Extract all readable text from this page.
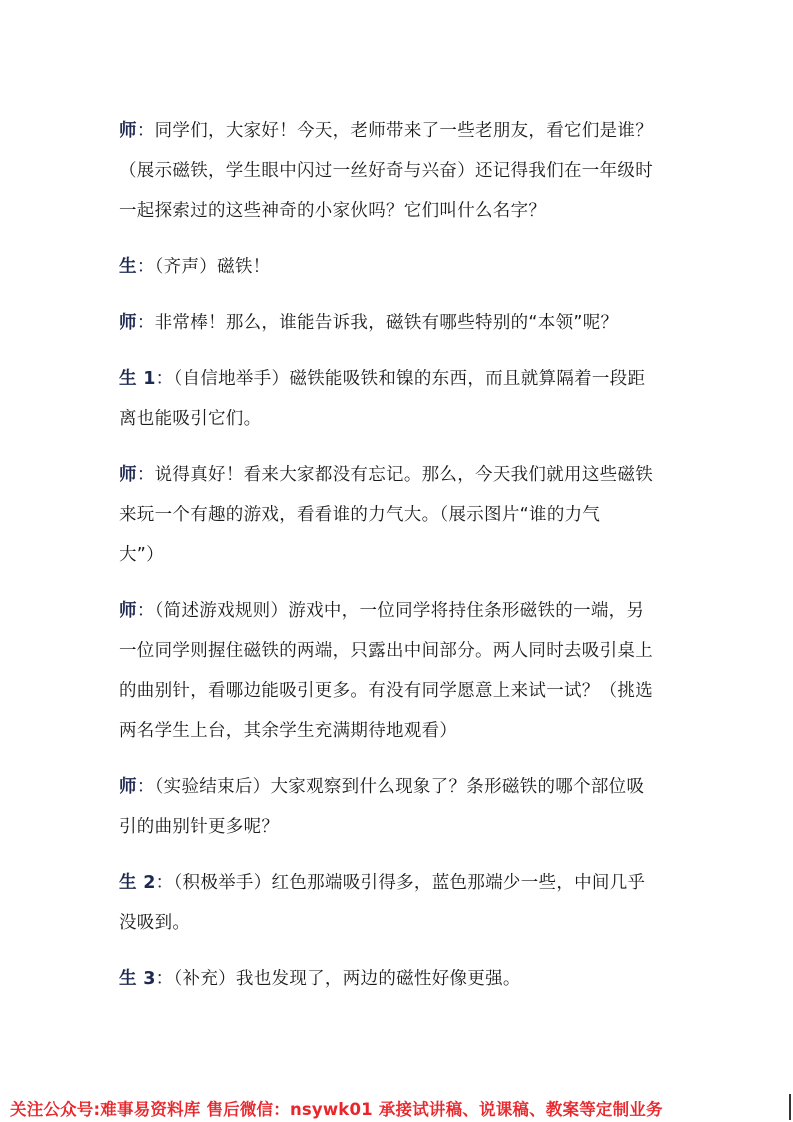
师：同学们，大家好！今天，老师带来了一些老朋友，看它们是谁？
（展示磁铁，学生眼中闪过一丝好奇与兴奋）还记得我们在一年级时
一起探索过的这些神奇的小家伙吗？它们叫什么名字？
生：（齐声）磁铁！
师：非常棒！那么，谁能告诉我，磁铁有哪些特别的“本领”呢？
生 1：（自信地举手）磁铁能吸铁和镍的东西，而且就算隔着一段距
离也能吸引它们。
师：说得真好！看来大家都没有忘记。那么，今天我们就用这些磁铁
来玩一个有趣的游戏，看看谁的力气大。（展示图片“谁的力气
大”）
师：（简述游戏规则）游戏中，一位同学将持住条形磁铁的一端，另
一位同学则握住磁铁的两端，只露出中间部分。两人同时去吸引桌上
的曲别针，看哪边能吸引更多。有没有同学愿意上来试一试？（挑选
两名学生上台，其余学生充满期待地观看）
师：（实验结束后）大家观察到什么现象了？条形磁铁的哪个部位吸
引的曲别针更多呢？
生 2：（积极举手）红色那端吸引得多，蓝色那端少一些，中间几乎
没吸到。
生 3：（补充）我也发现了，两边的磁性好像更强。
关注公众号:难事易资料库 售后微信：nsywk01 承接试讲稿、说课稿、教案等定制业务
